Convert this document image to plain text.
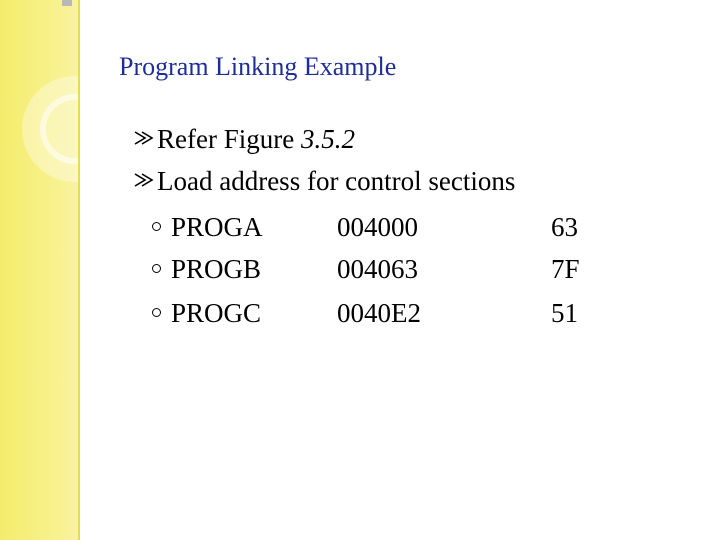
Program Linking Example
Refer Figure 3.5.2
Load address for control sections
PROGA	004000	63
PROGB	004063	7F
PROGC	0040E2	51
